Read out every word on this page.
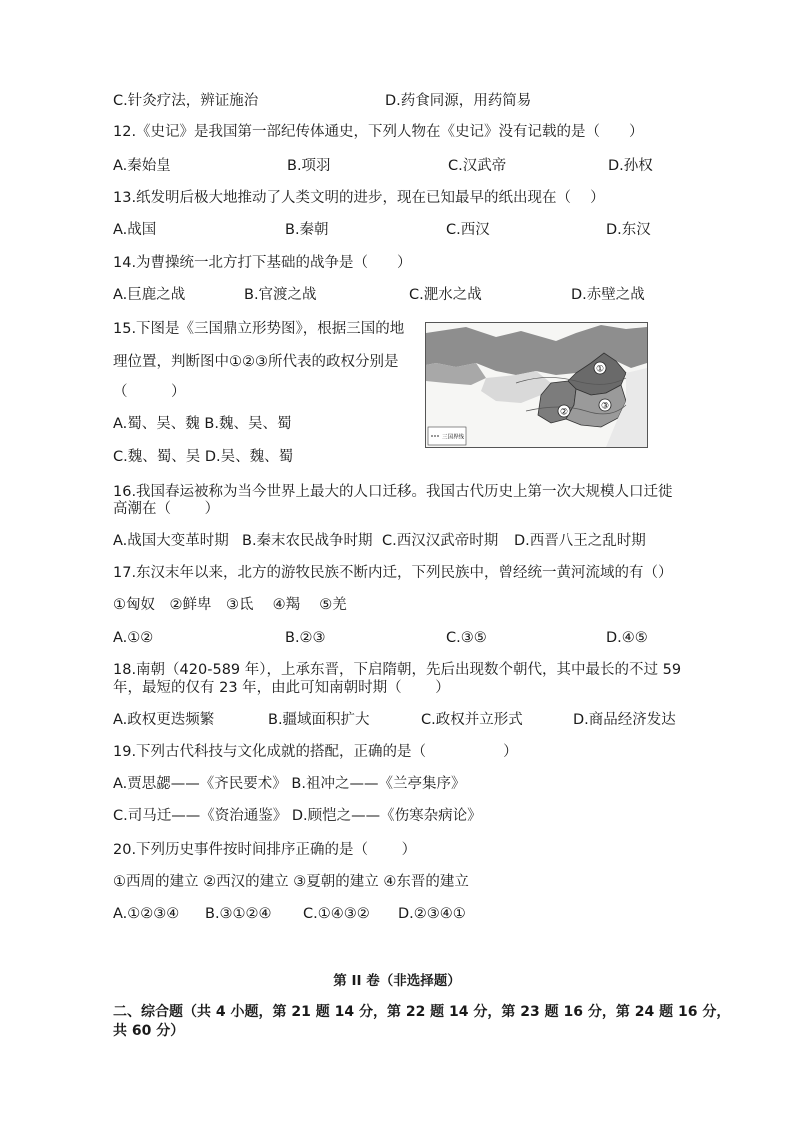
C.针灸疗法，辨证施治	D.药食同源，用药简易
12.《史记》是我国第一部纪传体通史，下列人物在《史记》没有记载的是（　　）
A.秦始皇	B.项羽	C.汉武帝	D.孙权
13.纸发明后极大地推动了人类文明的进步，现在已知最早的纸出现在（　 ）
A.战国	B.秦朝	C.西汉	D.东汉
14.为曹操统一北方打下基础的战争是（　　）
A.巨鹿之战	B.官渡之战	C.淝水之战	D.赤壁之战
15.下图是《三国鼎立形势图》，根据三国的地
理位置，判断图中①②③所代表的政权分别是
（　　　）
A.蜀、吴、魏 B.魏、吴、蜀
C.魏、蜀、吴 D.吴、魏、蜀
①
②
③
三国界线
16.我国春运被称为当今世界上最大的人口迁移。我国古代历史上第一次大规模人口迁徙
高潮在（　　 ）
A.战国大变革时期 B.秦末农民战争时期 C.西汉汉武帝时期 D.西晋八王之乱时期
17.东汉末年以来，北方的游牧民族不断内迁，下列民族中，曾经统一黄河流域的有（）
①匈奴　②鲜卑　③氐　 ④羯　 ⑤羌
A.①②	B.②③	C.③⑤	D.④⑤
18.南朝（420-589 年），上承东晋，下启隋朝，先后出现数个朝代，其中最长的不过 59
年，最短的仅有 23 年，由此可知南朝时期（　　 ）
A.政权更迭频繁	B.疆域面积扩大	C.政权并立形式	D.商品经济发达
19.下列古代科技与文化成就的搭配，正确的是（　　　　　 ）
A.贾思勰——《齐民要术》 B.祖冲之——《兰亭集序》
C.司马迁——《资治通鉴》 D.顾恺之——《伤寒杂病论》
20.下列历史事件按时间排序正确的是（　　 ）
①西周的建立 ②西汉的建立 ③夏朝的建立 ④东晋的建立
A.①②③④ B.③①②④ C.①④③② D.②③④①
第 II 卷（非选择题）
二、综合题（共 4 小题，第 21 题 14 分，第 22 题 14 分，第 23 题 16 分，第 24 题 16 分，
共 60 分）
